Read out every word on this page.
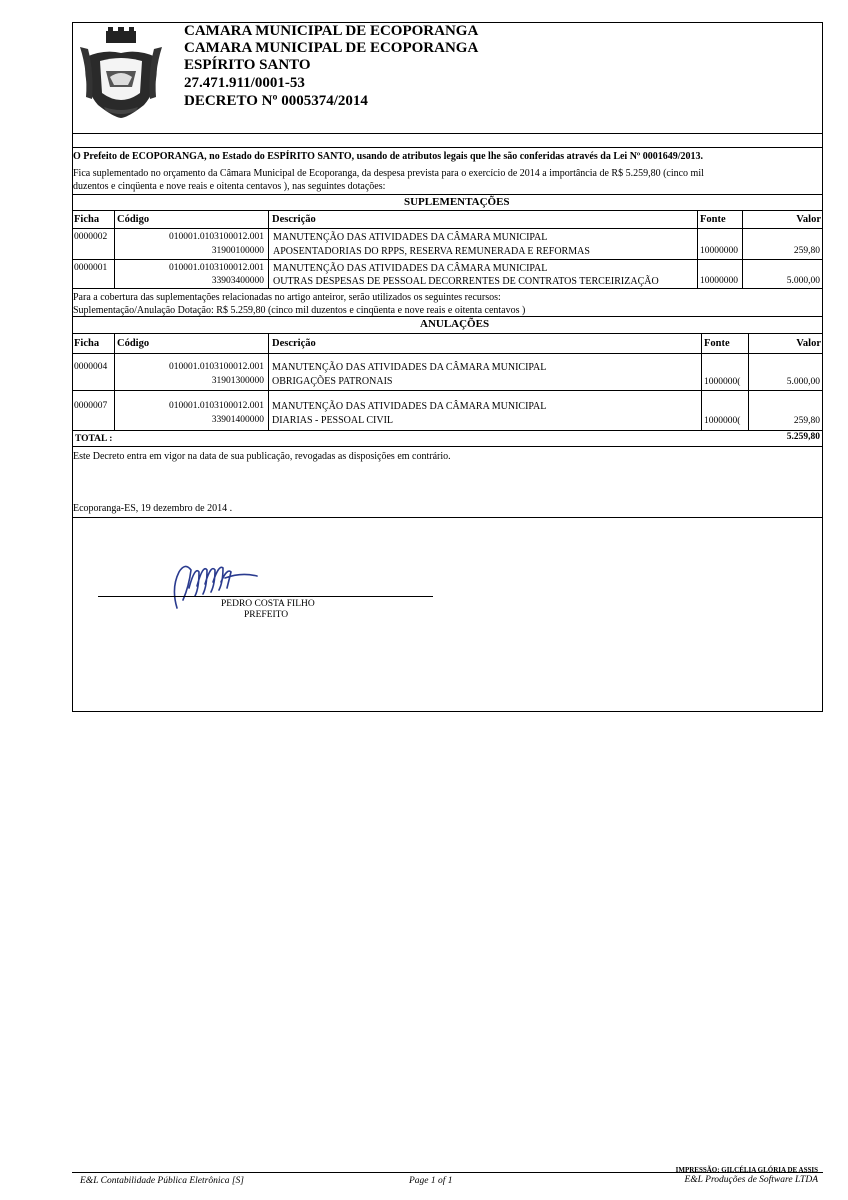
CAMARA MUNICIPAL DE ECOPORANGA
CAMARA MUNICIPAL DE ECOPORANGA
ESPÍRITO SANTO
27.471.911/0001-53
DECRETO Nº 0005374/2014
O Prefeito de ECOPORANGA, no Estado do ESPÍRITO SANTO, usando de atributos legais que lhe são conferidas através da Lei Nº 0001649/2013.
Fica suplementado no orçamento da Câmara Municipal de Ecoporanga, da despesa prevista para o exercício de 2014 a importância de R$ 5.259,80 (cinco mil
duzentos e cinqüenta e nove reais e oitenta centavos ), nas seguintes dotações:
SUPLEMENTAÇÕES
Ficha Código	Descrição	Fonte	Valor
0000002	010001.0103100012.001
31900100000
MANUTENÇÃO DAS ATIVIDADES DA CÂMARA MUNICIPAL
APOSENTADORIAS DO RPPS, RESERVA REMUNERADA E REFORMAS	10000000	259,80
0000001	010001.0103100012.001
33903400000
MANUTENÇÃO DAS ATIVIDADES DA CÂMARA MUNICIPAL
OUTRAS DESPESAS DE PESSOAL DECORRENTES DE CONTRATOS TERCEIRIZAÇÃO	10000000	5.000,00
Para a cobertura das suplementações relacionadas no artigo anteiror, serão utilizados os seguintes recursos:
Suplementação/Anulação Dotação: R$ 5.259,80 (cinco mil duzentos e cinqüenta e nove reais e oitenta centavos )
ANULAÇÕES
Ficha Código	Descrição	Fonte	Valor
0000004	010001.0103100012.001
31901300000
MANUTENÇÃO DAS ATIVIDADES DA CÂMARA MUNICIPAL
OBRIGAÇÕES PATRONAIS	1000000(	5.000,00
0000007	010001.0103100012.001
33901400000
MANUTENÇÃO DAS ATIVIDADES DA CÂMARA MUNICIPAL
DIARIAS - PESSOAL CIVIL	1000000(	259,80
TOTAL :	5.259,80
Este Decreto entra em vigor na data de sua publicação, revogadas as disposições em contrário.
Ecoporanga-ES, 19 dezembro de 2014 .
PEDRO COSTA FILHO
PREFEITO
E&L Contabilidade Pública Eletrônica [S]	Page 1 of 1
IMPRESSÃO: GILCÉLIA GLÓRIA DE ASSIS
E&L Produções de Software LTDA
